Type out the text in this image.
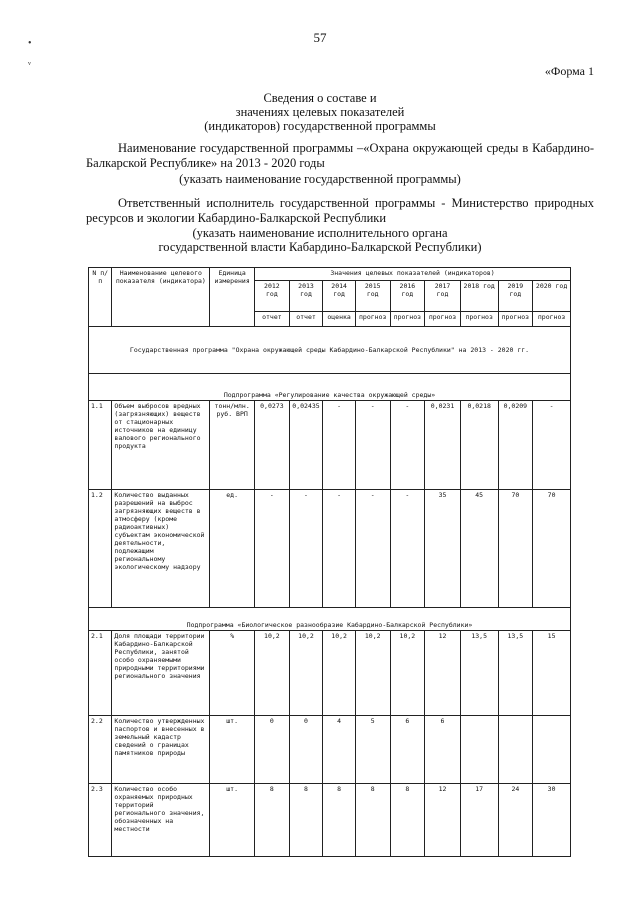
•
ᵥ
57
«Форма 1
Сведения о составе и
значениях целевых показателей
(индикаторов) государственной программы
Наименование государственной программы –«Охрана окружающей среды в Кабардино-Балкарской Республике» на 2013 - 2020 годы
(указать наименование государственной программы)
Ответственный исполнитель государственной программы - Министерство природных ресурсов и экологии Кабардино-Балкарской Республики
(указать наименование исполнительного органа
государственной власти Кабардино-Балкарской Республики)
N п/п	Наименование целевого показателя (индикатора)	Единица измерения	Значения целевых показателей (индикаторов)								
			2012 год	2013 год	2014 год	2015 год	2016 год	2017 год	2018 год	2019 год	2020 год
			отчет	отчет	оценка	прогноз	прогноз	прогноз	прогноз	прогноз	прогноз
Государственная программа "Охрана окружающей среды Кабардино-Балкарской Республики" на 2013 - 2020 гг.											
Подпрограмма «Регулирование качества окружающей среды»											
1.1	Объем выбросов вредных (загрязняющих) веществ от стационарных источников на единицу валового регионального продукта	тонн/млн. руб. ВРП	0,0273	0,02435	-	-	-	0,0231	0,0218	0,0209	-
1.2	Количество выданных разрешений на выброс загрязняющих веществ в атмосферу (кроме радиоактивных) субъектам экономической деятельности, подлежащим региональному экологическому надзору	ед.	-	-	-	-	-	35	45	70	70
Подпрограмма «Биологическое разнообразие Кабардино-Балкарской Республики»											
2.1	Доля площади территории Кабардино-Балкарской Республики, занятой особо охраняемыми природными территориями регионального значения	%	10,2	10,2	10,2	10,2	10,2	12	13,5	13,5	15
2.2	Количество утвержденных паспортов и внесенных в земельный кадастр сведений о границах памятников природы	шт.	0	0	4	5	6	6			
2.3	Количество особо охраняемых природных территорий регионального значения, обозначенных на местности	шт.	8	8	8	8	8	12	17	24	30
